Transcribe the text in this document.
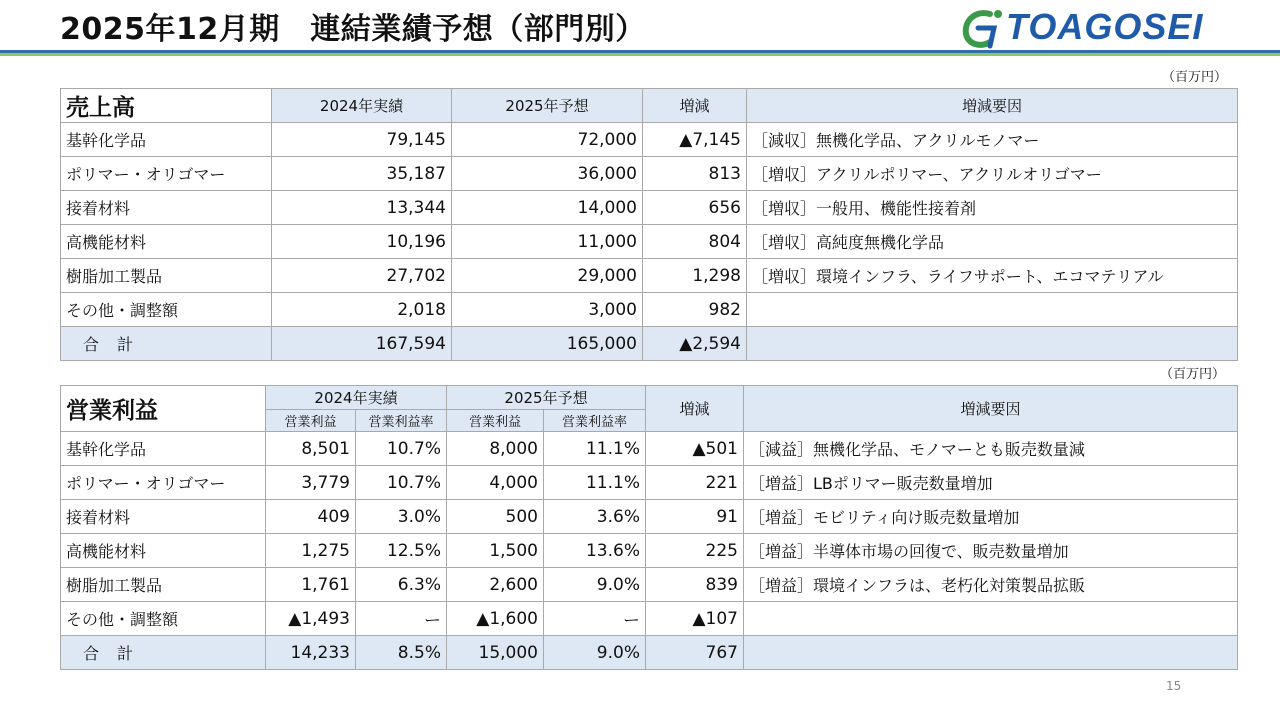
2025年12月期　連結業績予想（部門別）	TOAGOSEI
（百万円）
売上高	2024年実績	2025年予想	増減	増減要因
基幹化学品	79,145	72,000	▲7,145	［減収］無機化学品、アクリルモノマー
ポリマー・オリゴマー	35,187	36,000	813	［増収］アクリルポリマー、アクリルオリゴマー
接着材料	13,344	14,000	656	［増収］一般用、機能性接着剤
高機能材料	10,196	11,000	804	［増収］高純度無機化学品
樹脂加工製品	27,702	29,000	1,298	［増収］環境インフラ、ライフサポート、エコマテリアル
その他・調整額	2,018	3,000	982	
合計	167,594	165,000	▲2,594	
（百万円）
営業利益	2024年実績		2025年予想		増減	増減要因
	営業利益	営業利益率	営業利益	営業利益率		
基幹化学品	8,501	10.7%	8,000	11.1%	▲501	［減益］無機化学品、モノマーとも販売数量減
ポリマー・オリゴマー	3,779	10.7%	4,000	11.1%	221	［増益］LBポリマー販売数量増加
接着材料	409	3.0%	500	3.6%	91	［増益］モビリティ向け販売数量増加
高機能材料	1,275	12.5%	1,500	13.6%	225	［増益］半導体市場の回復で、販売数量増加
樹脂加工製品	1,761	6.3%	2,600	9.0%	839	［増益］環境インフラは、老朽化対策製品拡販
その他・調整額	▲1,493	ー	▲1,600	ー	▲107	
合計	14,233	8.5%	15,000	9.0%	767	
15
